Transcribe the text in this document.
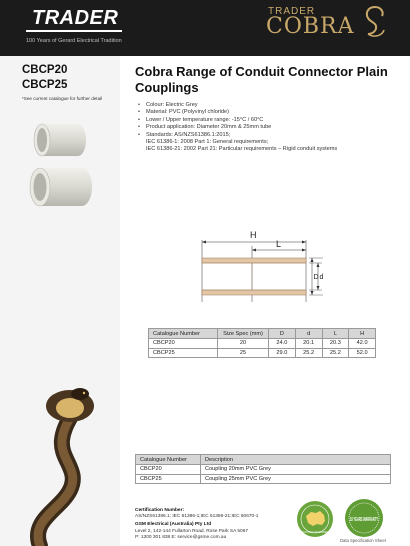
TRADER
100 Years of Gerard Electrical Tradition
TRADER
COBRA
CBCP20
CBCP25
*See current catalogue for further detail
Cobra Range of Conduit Connector Plain Couplings
• Colour: Electric Grey
• Material: PVC (Polyvinyl chloride)
• Lower / Upper temperature range: -15°C / 60°C
• Product application: Diameter 20mm & 25mm tube
• Standards: AS/NZS61386.1:2015;
IEC 61386-1: 2008 Part 1: General requirements;
IEC 61386-21: 2002 Part 21: Particular requirements – Rigid conduit systems
H
L
D d
Catalogue Number	Size Spec (mm)	D	d	L	H
CBCP20	20	24.0	20.1	20.3	42.0
CBCP25	25	29.0	25.2	25.2	52.0
Catalogue Number	Description
CBCP20	Coupling 20mm PVC Grey
CBCP25	Coupling 25mm PVC Grey
Certification Number:
AS/NZS61386.1; IEC 61386-1;IEC 61386-21;IEC 60670-1
GSM Electrical (Australia) Pty Ltd
Level 2, 142-144 Fullarton Road, Rose Park SA 5067
P: 1300 301 838 E: service@gsme.com.au
AUSTRALIAN OWNED
10 YEARS WARRANTY
Data Specification Sheet
